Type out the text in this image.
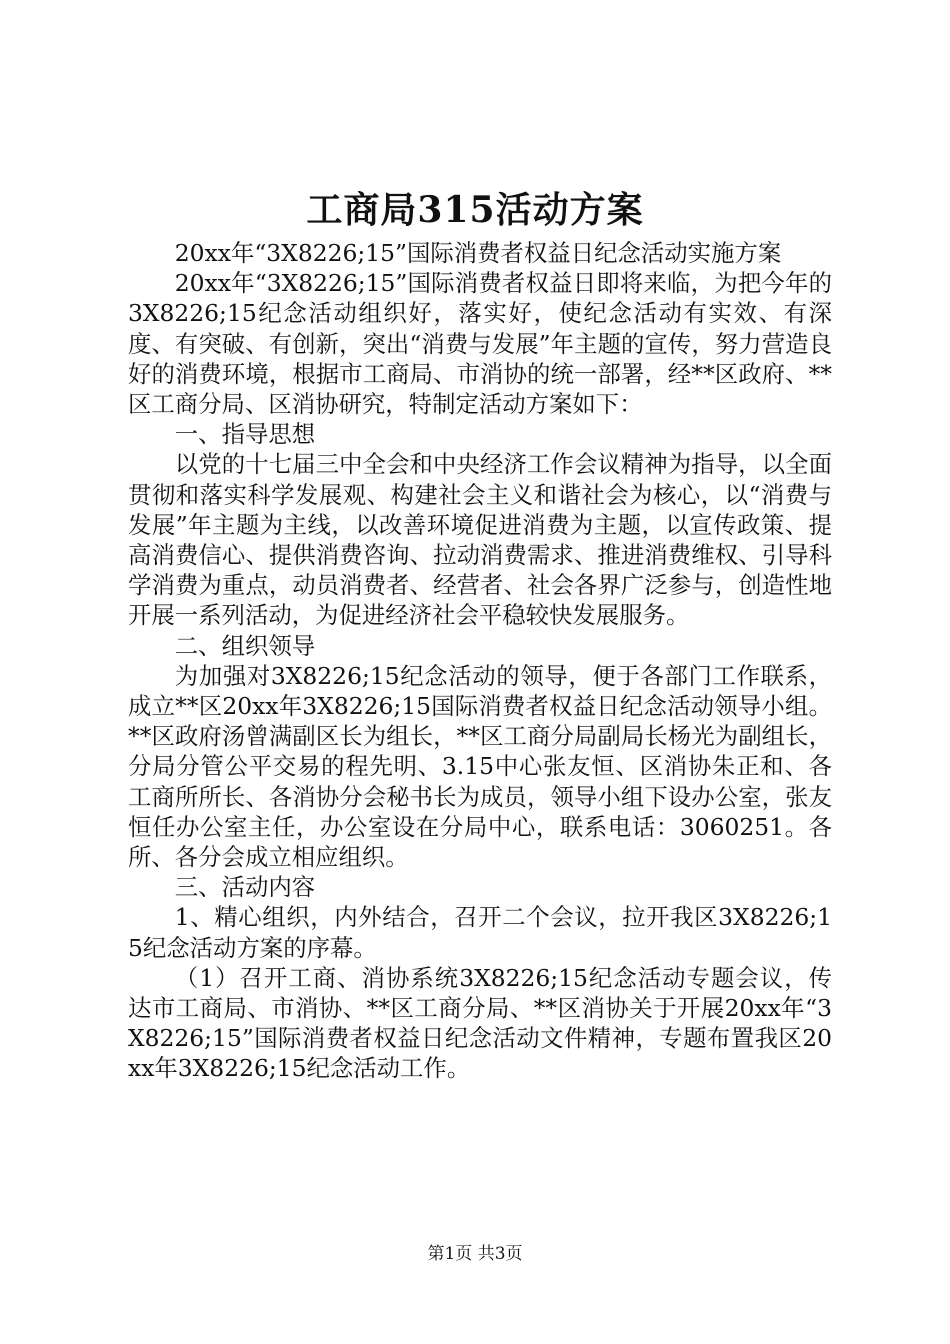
工商局315活动方案

20xx年“3X8226;15”国际消费者权益日纪念活动实施方案

20xx年“3X8226;15”国际消费者权益日即将来临，为把今年的3X8226;15纪念活动组织好，落实好，使纪念活动有实效、有深度、有突破、有创新，突出“消费与发展”年主题的宣传，努力营造良好的消费环境，根据市工商局、市消协的统一部署，经**区政府、**区工商分局、区消协研究，特制定活动方案如下：

一、指导思想

以党的十七届三中全会和中央经济工作会议精神为指导，以全面贯彻和落实科学发展观、构建社会主义和谐社会为核心，以“消费与发展”年主题为主线，以改善环境促进消费为主题，以宣传政策、提高消费信心、提供消费咨询、拉动消费需求、推进消费维权、引导科学消费为重点，动员消费者、经营者、社会各界广泛参与，创造性地开展一系列活动，为促进经济社会平稳较快发展服务。

二、组织领导

为加强对3X8226;15纪念活动的领导，便于各部门工作联系，成立**区20xx年3X8226;15国际消费者权益日纪念活动领导小组。**区政府汤曾满副区长为组长，**区工商分局副局长杨光为副组长，分局分管公平交易的程先明、3.15中心张友恒、区消协朱正和、各工商所所长、各消协分会秘书长为成员，领导小组下设办公室，张友恒任办公室主任，办公室设在分局中心，联系电话：3060251。各所、各分会成立相应组织。

三、活动内容

1、精心组织，内外结合，召开二个会议，拉开我区3X8226;15纪念活动方案的序幕。

（1）召开工商、消协系统3X8226;15纪念活动专题会议，传达市工商局、市消协、**区工商分局、**区消协关于开展20xx年“3X8226;15”国际消费者权益日纪念活动文件精神，专题布置我区20xx年3X8226;15纪念活动工作。

第1页 共3页
